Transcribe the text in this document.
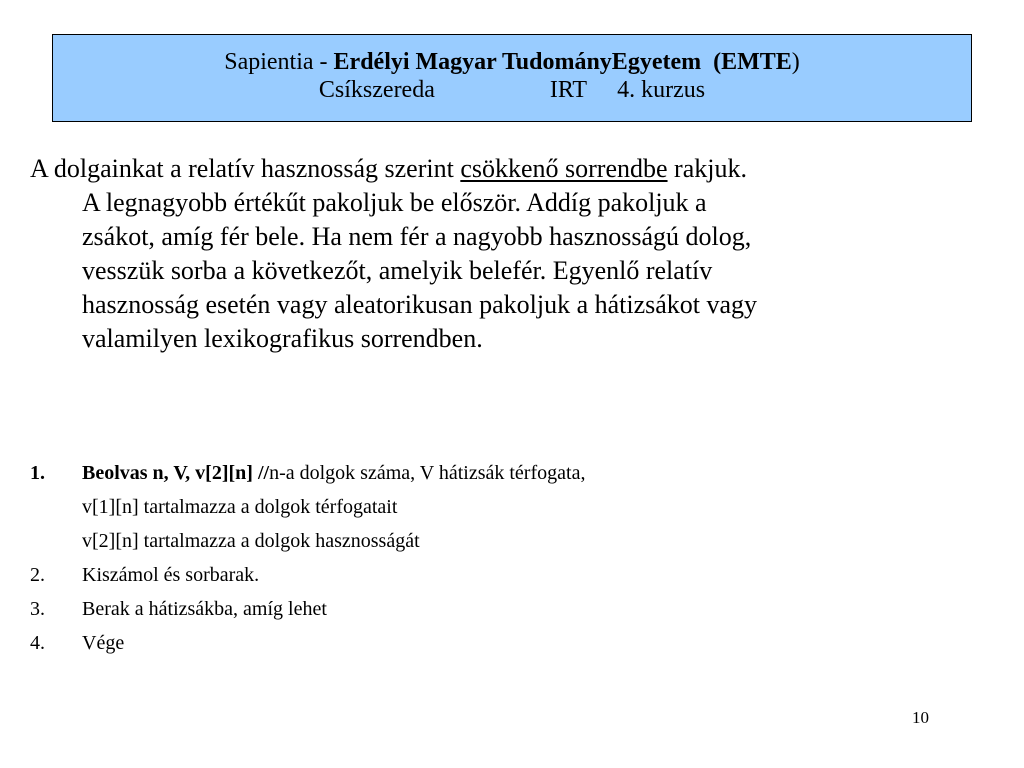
Sapientia - Erdélyi Magyar TudományEgyetem  (EMTE)
Csíkszereda	IRT 4. kurzus
A dolgainkat a relatív hasznosság szerint csökkenő sorrendbe rakjuk.
A legnagyobb értékűt pakoljuk be először. Addíg pakoljuk a
zsákot, amíg fér bele. Ha nem fér a nagyobb hasznosságú dolog,
vesszük sorba a következőt, amelyik belefér. Egyenlő relatív
hasznosság esetén vagy aleatorikusan pakoljuk a hátizsákot vagy
valamilyen lexikografikus sorrendben.
1.	Beolvas n, V, v[2][n] //n-a dolgok száma, V hátizsák térfogata,
v[1][n] tartalmazza a dolgok térfogatait
v[2][n] tartalmazza a dolgok hasznosságát
2.	Kiszámol és sorbarak.
3.	Berak a hátizsákba, amíg lehet
4.	Vége
10
